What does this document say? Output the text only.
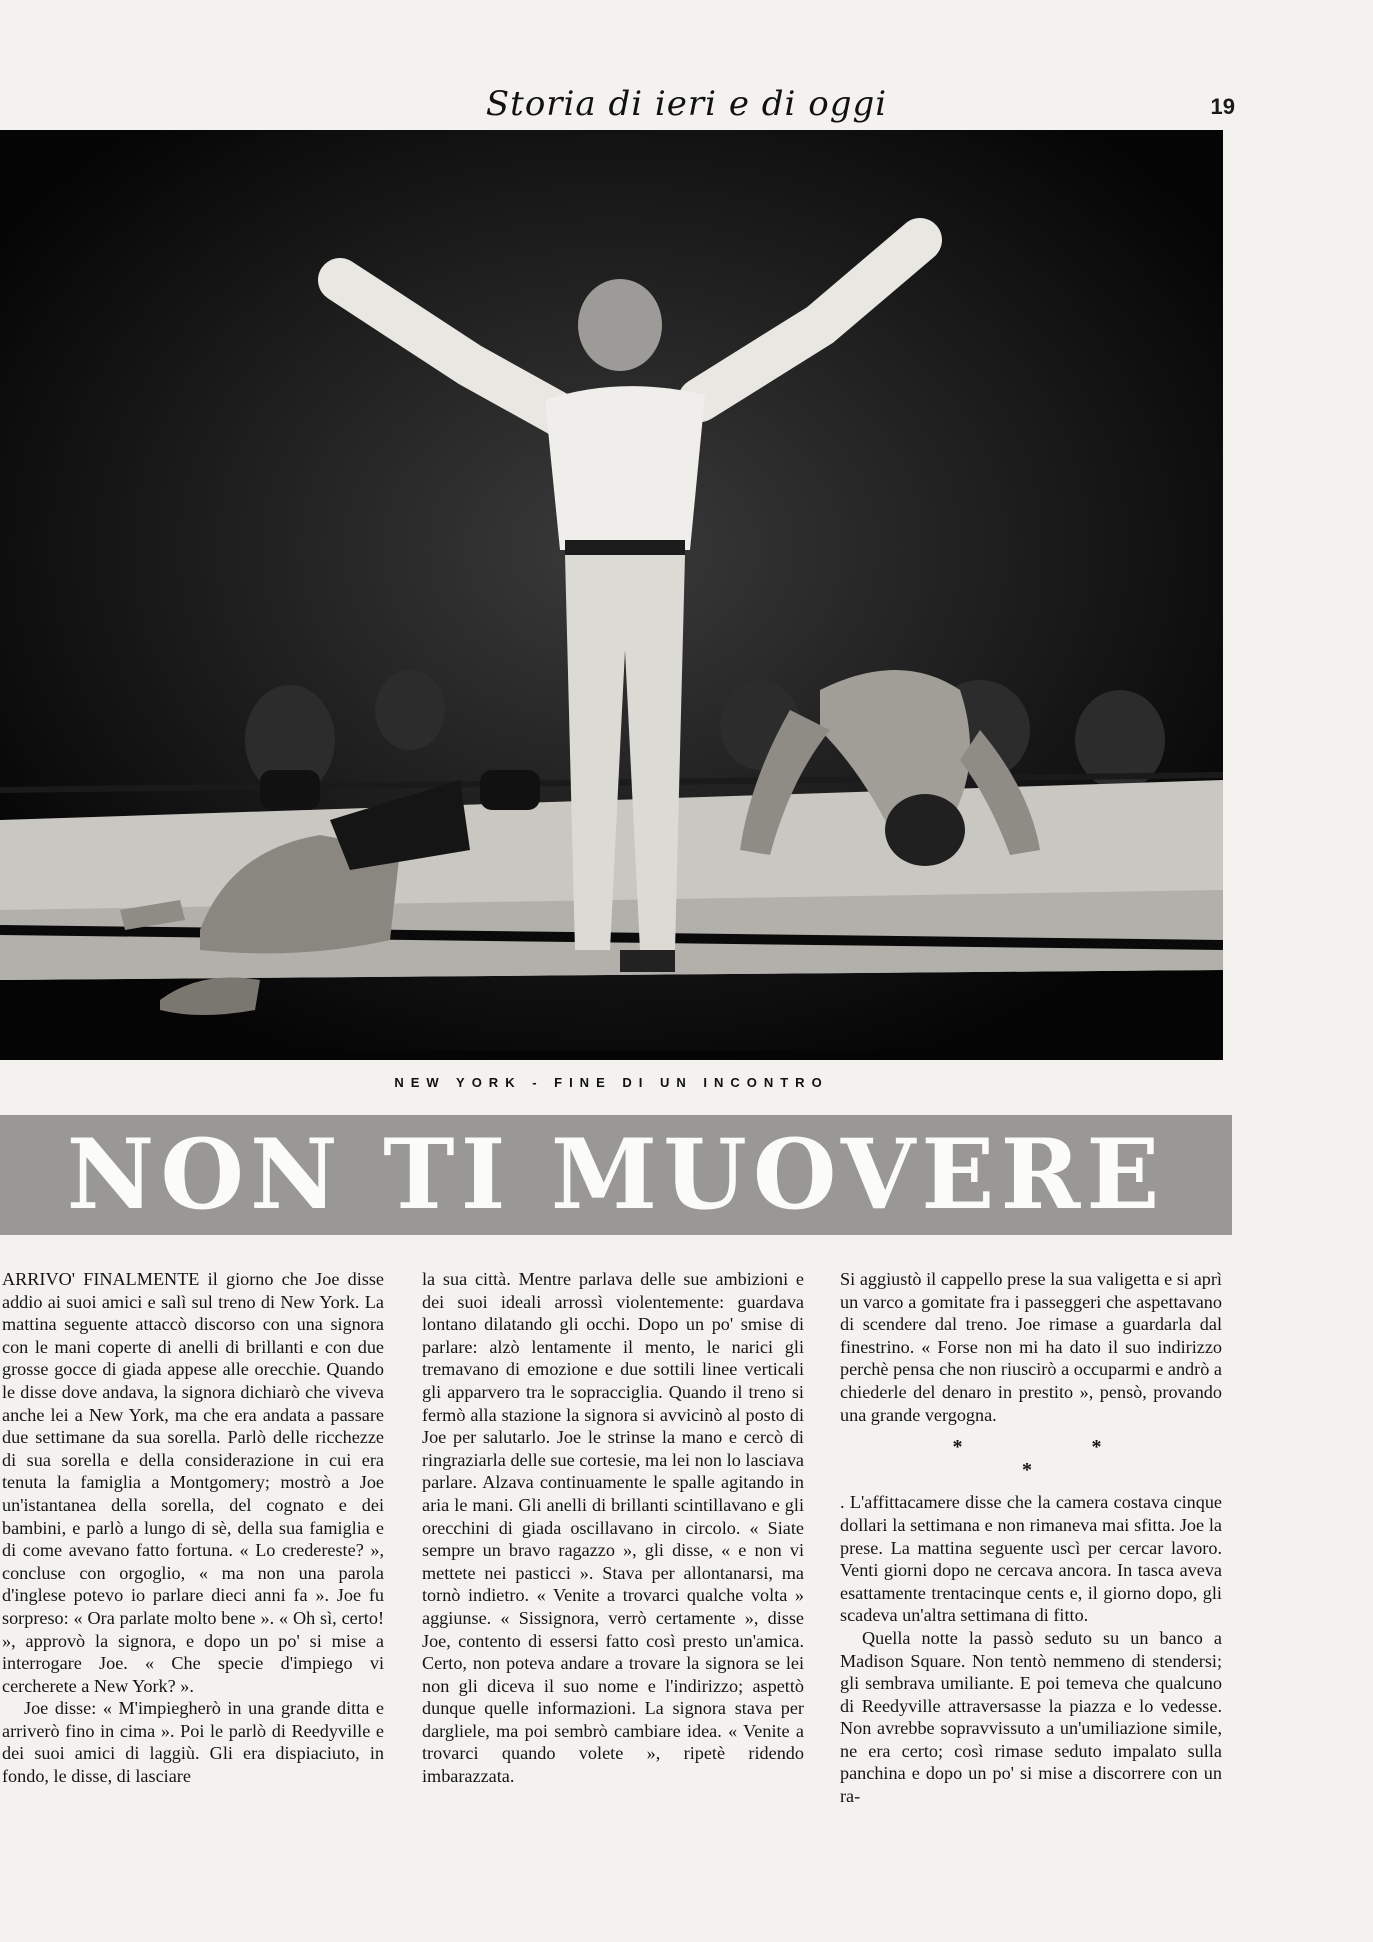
Storia di ieri e di oggi	19
NEW YORK - FINE DI UN INCONTRO
NON TI MUOVERE

ARRIVO' FINALMENTE il giorno che Joe disse addio ai suoi amici e salì sul treno di New York. La mattina seguente attaccò discorso con una signora con le mani coperte di anelli di brillanti e con due grosse gocce di giada appese alle orecchie. Quando le disse dove andava, la signora dichiarò che viveva anche lei a New York, ma che era andata a passare due settimane da sua sorella. Parlò delle ricchezze di sua sorella e della considerazione in cui era tenuta la famiglia a Montgomery; mostrò a Joe un'istantanea della sorella, del cognato e dei bambini, e parlò a lungo di sè, della sua famiglia e di come avevano fatto fortuna. « Lo credereste? », concluse con orgoglio, « ma non una parola d'inglese potevo io parlare dieci anni fa ». Joe fu sorpreso: « Ora parlate molto bene ». « Oh sì, certo! », approvò la signora, e dopo un po' si mise a interrogare Joe. « Che specie d'impiego vi cercherete a New York? ».

Joe disse: « M'impiegherò in una grande ditta e arriverò fino in cima ». Poi le parlò di Reedyville e dei suoi amici di laggiù. Gli era dispiaciuto, in fondo, le disse, di lasciare

la sua città. Mentre parlava delle sue ambizioni e dei suoi ideali arrossì violentemente: guardava lontano dilatando gli occhi. Dopo un po' smise di parlare: alzò lentamente il mento, le narici gli tremavano di emozione e due sottili linee verticali gli apparvero tra le sopracciglia. Quando il treno si fermò alla stazione la signora si avvicinò al posto di Joe per salutarlo. Joe le strinse la mano e cercò di ringraziarla delle sue cortesie, ma lei non lo lasciava parlare. Alzava continuamente le spalle agitando in aria le mani. Gli anelli di brillanti scintillavano e gli orecchini di giada oscillavano in circolo. « Siate sempre un bravo ragazzo », gli disse, « e non vi mettete nei pasticci ». Stava per allontanarsi, ma tornò indietro. « Venite a trovarci qualche volta » aggiunse. « Sissignora, verrò certamente », disse Joe, contento di essersi fatto così presto un'amica. Certo, non poteva andare a trovare la signora se lei non gli diceva il suo nome e l'indirizzo; aspettò dunque quelle informazioni. La signora stava per dargliele, ma poi sembrò cambiare idea. « Venite a trovarci quando volete », ripetè ridendo imbarazzata.

Si aggiustò il cappello prese la sua valigetta e si aprì un varco a gomitate fra i passeggeri che aspettavano di scendere dal treno. Joe rimase a guardarla dal finestrino. « Forse non mi ha dato il suo indirizzo perchè pensa che non riuscirò a occuparmi e andrò a chiederle del denaro in prestito », pensò, provando una grande vergogna.

* * *

. L'affittacamere disse che la camera costava cinque dollari la settimana e non rimaneva mai sfitta. Joe la prese. La mattina seguente uscì per cercar lavoro. Venti giorni dopo ne cercava ancora. In tasca aveva esattamente trentacinque cents e, il giorno dopo, gli scadeva un'altra settimana di fitto.

Quella notte la passò seduto su un banco a Madison Square. Non tentò nemmeno di stendersi; gli sembrava umiliante. E poi temeva che qualcuno di Reedyville attraversasse la piazza e lo vedesse. Non avrebbe sopravvissuto a un'umiliazione simile, ne era certo; così rimase seduto impalato sulla panchina e dopo un po' si mise a discorrere con un ra-
